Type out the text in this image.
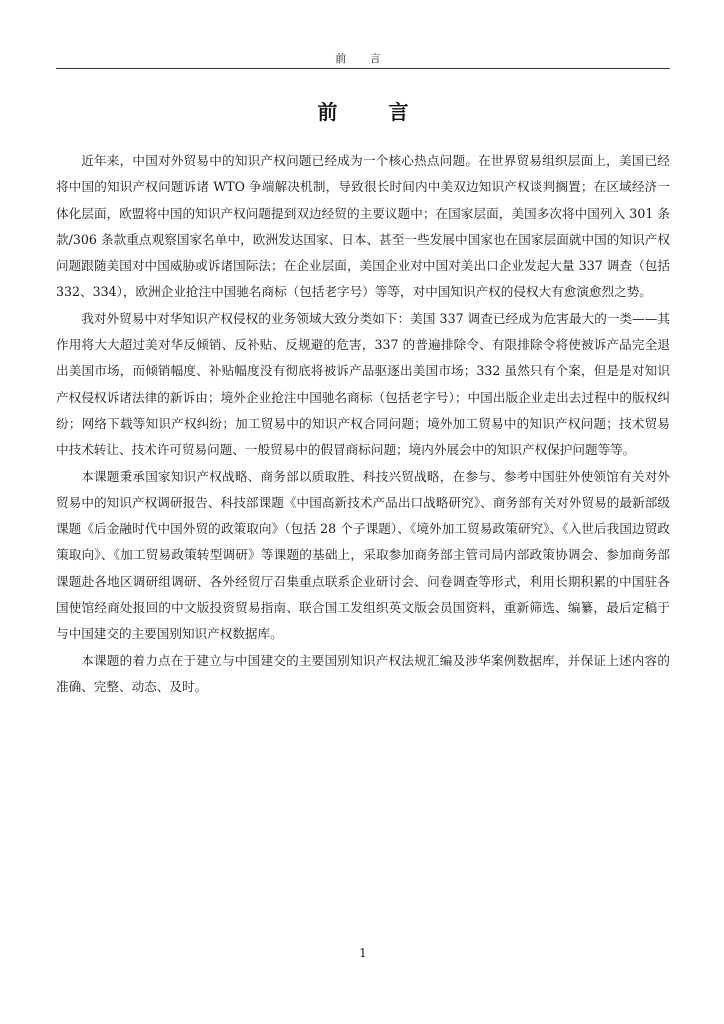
前 言
前 言

近年来，中国对外贸易中的知识产权问题已经成为一个核心热点问题。在世界贸易组织层面上，美国已经将中国的知识产权问题诉诸 WTO 争端解决机制，导致很长时间内中美双边知识产权谈判搁置；在区域经济一体化层面，欧盟将中国的知识产权问题提到双边经贸的主要议题中；在国家层面，美国多次将中国列入 301 条款/306 条款重点观察国家名单中，欧洲发达国家、日本、甚至一些发展中国家也在国家层面就中国的知识产权问题跟随美国对中国威胁或诉诸国际法；在企业层面，美国企业对中国对美出口企业发起大量 337 调查（包括 332、334），欧洲企业抢注中国驰名商标（包括老字号）等等，对中国知识产权的侵权大有愈演愈烈之势。

我对外贸易中对华知识产权侵权的业务领域大致分类如下：美国 337 调查已经成为危害最大的一类——其作用将大大超过美对华反倾销、反补贴、反规避的危害，337 的普遍排除令、有限排除令将使被诉产品完全退出美国市场，而倾销幅度、补贴幅度没有彻底将被诉产品驱逐出美国市场；332 虽然只有个案，但是是对知识产权侵权诉诸法律的新诉由；境外企业抢注中国驰名商标（包括老字号）；中国出版企业走出去过程中的版权纠纷；网络下载等知识产权纠纷；加工贸易中的知识产权合同问题；境外加工贸易中的知识产权问题；技术贸易中技术转让、技术许可贸易问题、一般贸易中的假冒商标问题；境内外展会中的知识产权保护问题等等。

本课题秉承国家知识产权战略、商务部以质取胜、科技兴贸战略，在参与、参考中国驻外使领馆有关对外贸易中的知识产权调研报告、科技部课题《中国高新技术产品出口战略研究》、商务部有关对外贸易的最新部级课题《后金融时代中国外贸的政策取向》（包括 28 个子课题）、《境外加工贸易政策研究》、《入世后我国边贸政策取向》、《加工贸易政策转型调研》等课题的基础上，采取参加商务部主管司局内部政策协调会、参加商务部课题赴各地区调研组调研、各外经贸厅召集重点联系企业研讨会、问卷调查等形式，利用长期积累的中国驻各国使馆经商处报回的中文版投资贸易指南、联合国工发组织英文版会员国资料，重新筛选、编纂，最后定稿于与中国建交的主要国别知识产权数据库。

本课题的着力点在于建立与中国建交的主要国别知识产权法规汇编及涉华案例数据库，并保证上述内容的准确、完整、动态、及时。

1
